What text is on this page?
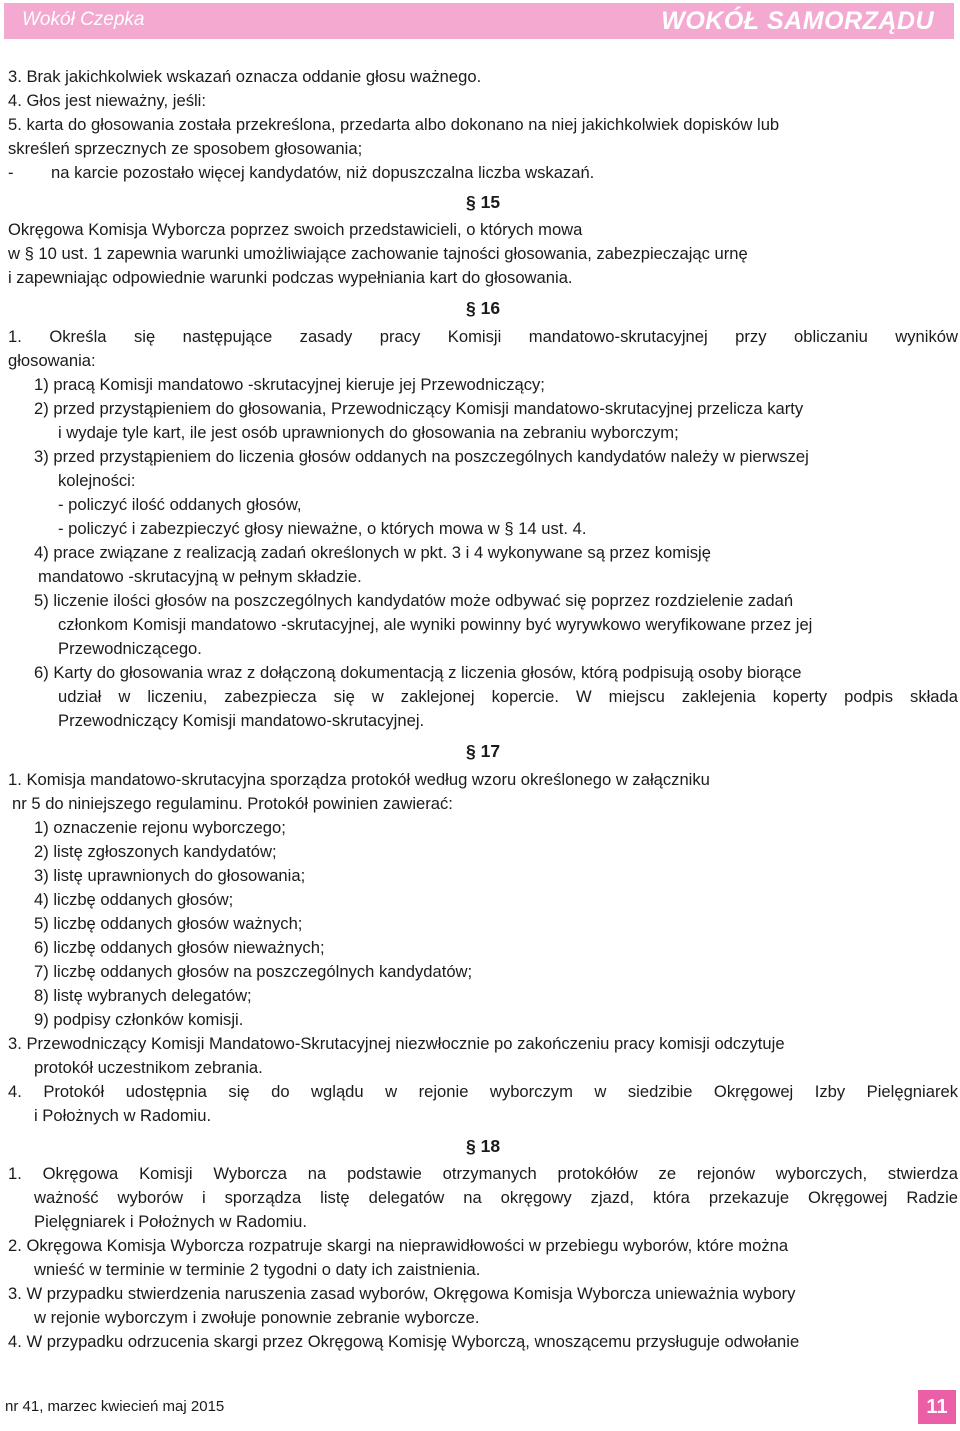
Wokół Czepka	WOKÓŁ SAMORZĄDU
3. Brak jakichkolwiek wskazań oznacza oddanie głosu ważnego.
4. Głos jest nieważny, jeśli:
5. karta do głosowania została przekreślona, przedarta albo dokonano na niej jakichkolwiek dopisków lub
skreśleń sprzecznych ze sposobem głosowania;
- na karcie pozostało więcej kandydatów, niż dopuszczalna liczba wskazań.
§ 15
Okręgowa Komisja Wyborcza poprzez swoich przedstawicieli, o których mowa
w § 10 ust. 1 zapewnia warunki umożliwiające zachowanie tajności głosowania, zabezpieczając urnę
i zapewniając odpowiednie warunki podczas wypełniania kart do głosowania.
§ 16
1. Określa się następujące zasady pracy Komisji mandatowo-skrutacyjnej przy obliczaniu wyników
głosowania:
1) pracą Komisji mandatowo -skrutacyjnej kieruje jej Przewodniczący;
2) przed przystąpieniem do głosowania, Przewodniczący Komisji mandatowo-skrutacyjnej przelicza karty
i wydaje tyle kart, ile jest osób uprawnionych do głosowania na zebraniu wyborczym;
3) przed przystąpieniem do liczenia głosów oddanych na poszczególnych kandydatów należy w pierwszej
kolejności:
- policzyć ilość oddanych głosów,
- policzyć i zabezpieczyć głosy nieważne, o których mowa w § 14 ust. 4.
4) prace związane z realizacją zadań określonych w pkt. 3 i 4 wykonywane są przez komisję
mandatowo -skrutacyjną w pełnym składzie.
5) liczenie ilości głosów na poszczególnych kandydatów może odbywać się poprzez rozdzielenie zadań
członkom Komisji mandatowo -skrutacyjnej, ale wyniki powinny być wyrywkowo weryfikowane przez jej
Przewodniczącego.
6) Karty do głosowania wraz z dołączoną dokumentacją z liczenia głosów, którą podpisują osoby biorące
udział w liczeniu, zabezpiecza się w zaklejonej kopercie. W miejscu zaklejenia koperty podpis składa
Przewodniczący Komisji mandatowo-skrutacyjnej.
§ 17
1. Komisja mandatowo-skrutacyjna sporządza protokół według wzoru określonego w załączniku
nr 5 do niniejszego regulaminu. Protokół powinien zawierać:
1) oznaczenie rejonu wyborczego;
2) listę zgłoszonych kandydatów;
3) listę uprawnionych do głosowania;
4) liczbę oddanych głosów;
5) liczbę oddanych głosów ważnych;
6) liczbę oddanych głosów nieważnych;
7) liczbę oddanych głosów na poszczególnych kandydatów;
8) listę wybranych delegatów;
9) podpisy członków komisji.
3. Przewodniczący Komisji Mandatowo-Skrutacyjnej niezwłocznie po zakończeniu pracy komisji odczytuje
protokół uczestnikom zebrania.
4. Protokół udostępnia się do wglądu w rejonie wyborczym w siedzibie Okręgowej Izby Pielęgniarek
i Położnych w Radomiu.
§ 18
1. Okręgowa Komisji Wyborcza na podstawie otrzymanych protokółów ze rejonów wyborczych, stwierdza
ważność wyborów i sporządza listę delegatów na okręgowy zjazd, która przekazuje Okręgowej Radzie
Pielęgniarek i Położnych w Radomiu.
2. Okręgowa Komisja Wyborcza rozpatruje skargi na nieprawidłowości w przebiegu wyborów, które można
wnieść w terminie w terminie 2 tygodni o daty ich zaistnienia.
3. W przypadku stwierdzenia naruszenia zasad wyborów, Okręgowa Komisja Wyborcza unieważnia wybory
w rejonie wyborczym i zwołuje ponownie zebranie wyborcze.
4. W przypadku odrzucenia skargi przez Okręgową Komisję Wyborczą, wnoszącemu przysługuje odwołanie
nr 41, marzec kwiecień maj 2015	11
